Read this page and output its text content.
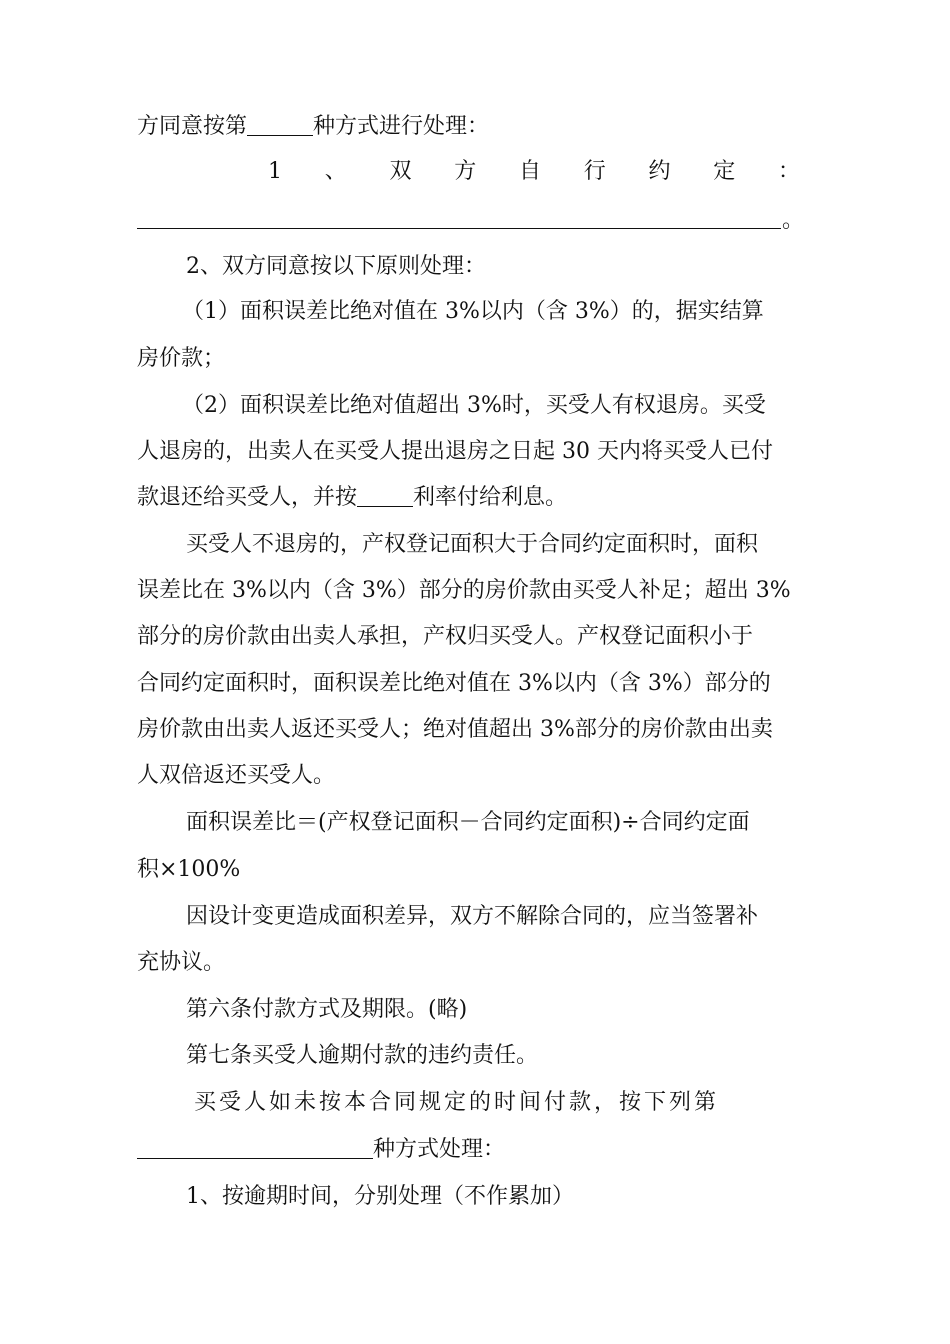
方同意按第	种方式进行处理：
1 、 双 方 自 行 约 定 ：
。
2、双方同意按以下原则处理：
（1）面积误差比绝对值在 3%以内（含 3%）的，据实结算
房价款；
（2）面积误差比绝对值超出 3%时，买受人有权退房。买受
人退房的，出卖人在买受人提出退房之日起 30 天内将买受人已付
款退还给买受人，并按	利率付给利息。
买受人不退房的，产权登记面积大于合同约定面积时，面积
误差比在 3%以内（含 3%）部分的房价款由买受人补足；超出 3%
部分的房价款由出卖人承担，产权归买受人。产权登记面积小于
合同约定面积时，面积误差比绝对值在 3%以内（含 3%）部分的
房价款由出卖人返还买受人；绝对值超出 3%部分的房价款由出卖
人双倍返还买受人。
面积误差比＝(产权登记面积－合同约定面积)÷合同约定面
积×100%
因设计变更造成面积差异，双方不解除合同的，应当签署补
充协议。
第六条付款方式及期限。(略)
第七条买受人逾期付款的违约责任。
买受人如未按本合同规定的时间付款，按下列第
种方式处理：
1、按逾期时间，分别处理（不作累加）
